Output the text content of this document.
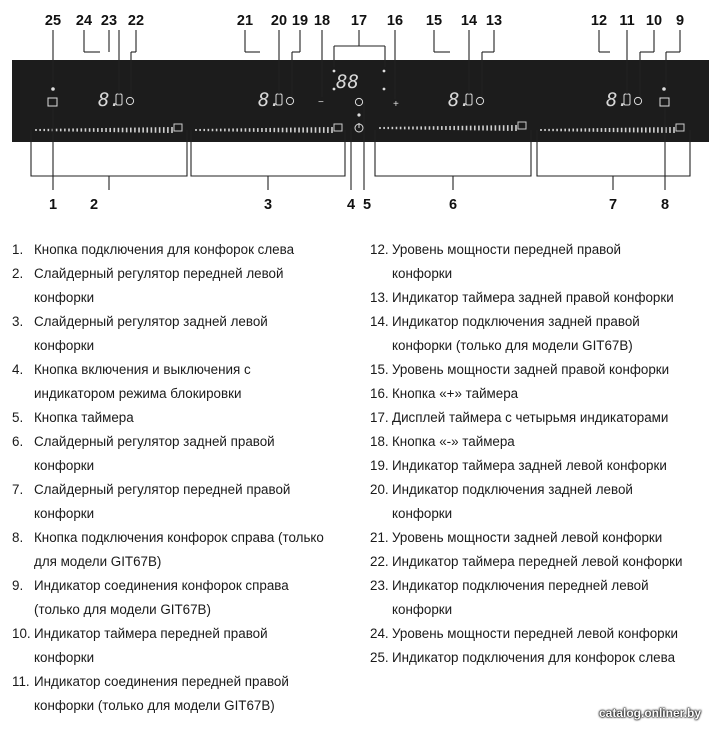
8.	8.	8.	8.
88
−	+
25 24 23 22	21 20 19 18 17 16 15 14 13	12 11 10 9
1 2	3	4 5	6	7	8
1. Кнопка подключения для конфорок слева
2. Слайдерный регулятор передней левой
конфорки
3. Слайдерный регулятор задней левой
конфорки
4. Кнопка включения и выключения с
индикатором режима блокировки
5. Кнопка таймера
6. Слайдерный регулятор задней правой
конфорки
7. Слайдерный регулятор передней правой
конфорки
8. Кнопка подключения конфорок справа (только
для модели GIT67B)
9. Индикатор соединения конфорок справа
(только для модели GIT67B)
10. Индикатор таймера передней правой
конфорки
11. Индикатор соединения передней правой
конфорки (только для модели GIT67B)
12. Уровень мощности передней правой
конфорки
13. Индикатор таймера задней правой конфорки
14. Индикатор подключения задней правой
конфорки (только для модели GIT67B)
15. Уровень мощности задней правой конфорки
16. Кнопка «+» таймера
17. Дисплей таймера с четырьмя индикаторами
18. Кнопка «-» таймера
19. Индикатор таймера задней левой конфорки
20. Индикатор подключения задней левой
конфорки
21. Уровень мощности задней левой конфорки
22. Индикатор таймера передней левой конфорки
23. Индикатор подключения передней левой
конфорки
24. Уровень мощности передней левой конфорки
25. Индикатор подключения для конфорок слева
catalog.onliner.by
